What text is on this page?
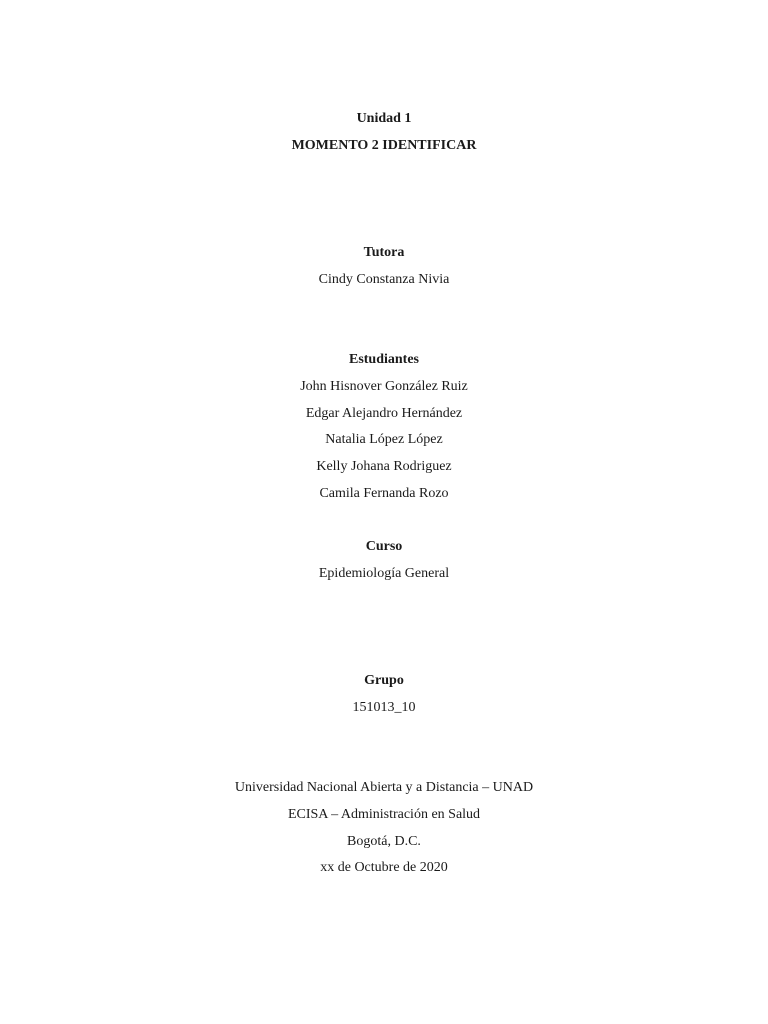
Unidad 1
MOMENTO 2 IDENTIFICAR
Tutora
Cindy Constanza Nivia
Estudiantes
John Hisnover González Ruiz
Edgar Alejandro Hernández
Natalia López López
Kelly Johana Rodriguez
Camila Fernanda Rozo
Curso
Epidemiología General
Grupo
151013_10
Universidad Nacional Abierta y a Distancia – UNAD
ECISA – Administración en Salud
Bogotá, D.C.
xx de Octubre de 2020
